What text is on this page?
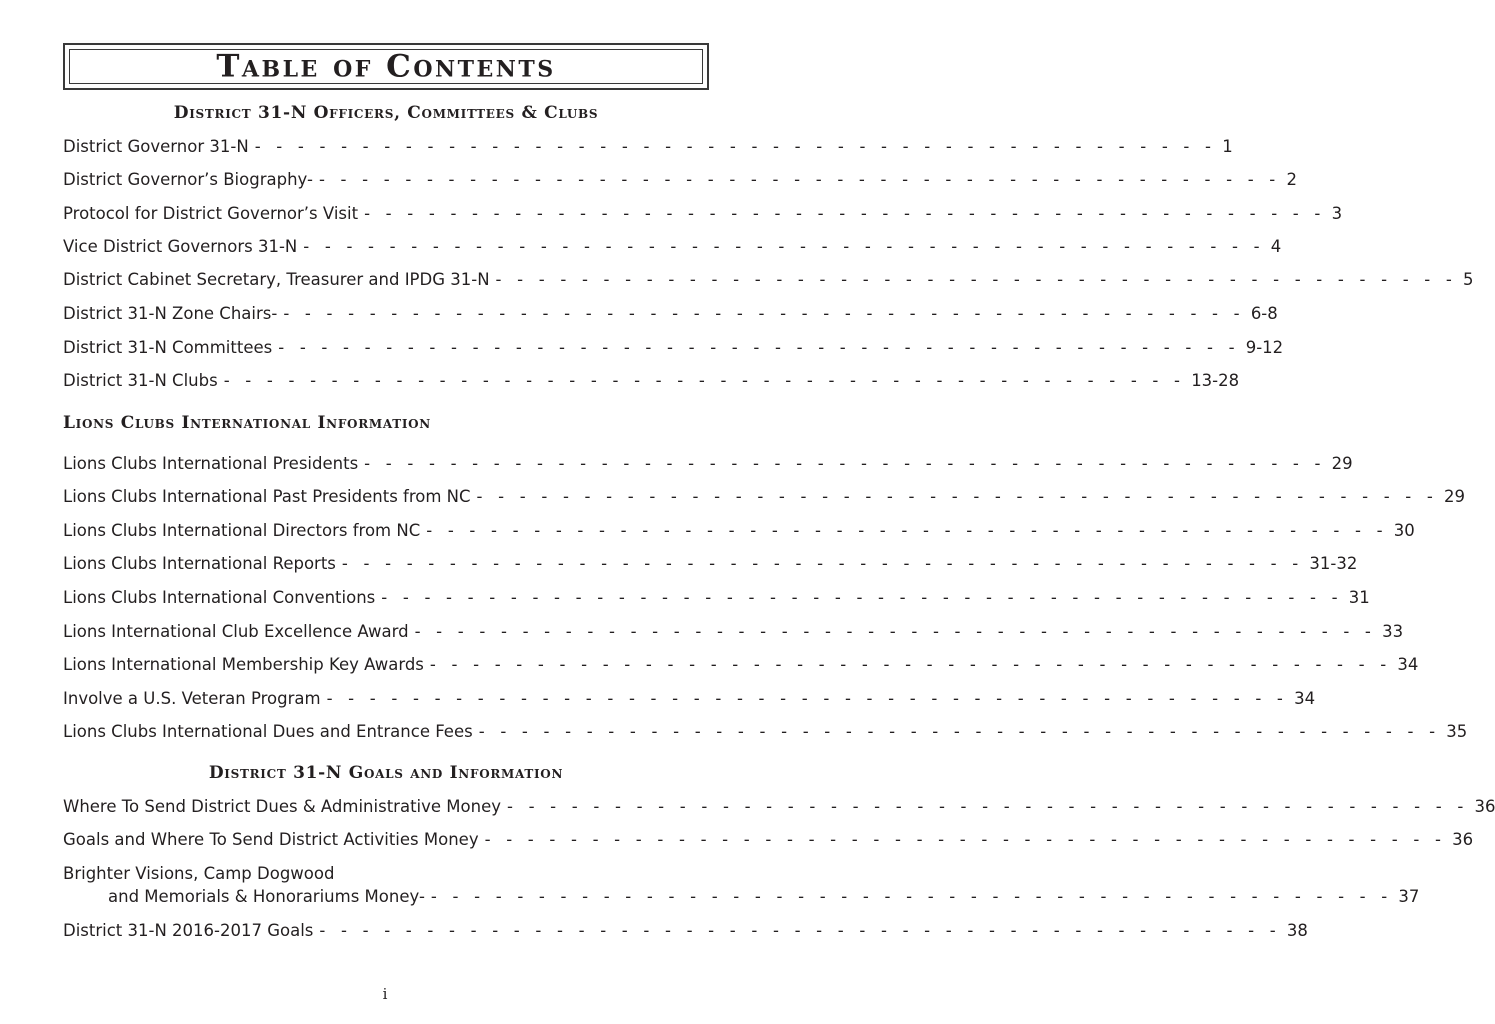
Table of Contents
District 31-N Officers, Committees & Clubs
District Governor 31-N - - - - - - - - - - - - - - - - - - - - - - - - - - - - - - - - - - - - - - - - - - - - - 1
District Governor’s Biography- - - - - - - - - - - - - - - - - - - - - - - - - - - - - - - - - - - - - - - - - - - - - - 2
Protocol for District Governor’s Visit - - - - - - - - - - - - - - - - - - - - - - - - - - - - - - - - - - - - - - - - - - - - - 3
Vice District Governors 31-N - - - - - - - - - - - - - - - - - - - - - - - - - - - - - - - - - - - - - - - - - - - - - 4
District Cabinet Secretary, Treasurer and IPDG 31-N - - - - - - - - - - - - - - - - - - - - - - - - - - - - - - - - - - - - - - - - - - - - - 5
District 31-N Zone Chairs- - - - - - - - - - - - - - - - - - - - - - - - - - - - - - - - - - - - - - - - - - - - - - 6-8
District 31-N Committees - - - - - - - - - - - - - - - - - - - - - - - - - - - - - - - - - - - - - - - - - - - - - 9-12
District 31-N Clubs - - - - - - - - - - - - - - - - - - - - - - - - - - - - - - - - - - - - - - - - - - - - - 13-28
Lions Clubs International Information
Lions Clubs International Presidents - - - - - - - - - - - - - - - - - - - - - - - - - - - - - - - - - - - - - - - - - - - - - 29
Lions Clubs International Past Presidents from NC - - - - - - - - - - - - - - - - - - - - - - - - - - - - - - - - - - - - - - - - - - - - - 29
Lions Clubs International Directors from NC - - - - - - - - - - - - - - - - - - - - - - - - - - - - - - - - - - - - - - - - - - - - - 30
Lions Clubs International Reports - - - - - - - - - - - - - - - - - - - - - - - - - - - - - - - - - - - - - - - - - - - - - 31-32
Lions Clubs International Conventions - - - - - - - - - - - - - - - - - - - - - - - - - - - - - - - - - - - - - - - - - - - - - 31
Lions International Club Excellence Award - - - - - - - - - - - - - - - - - - - - - - - - - - - - - - - - - - - - - - - - - - - - - 33
Lions International Membership Key Awards - - - - - - - - - - - - - - - - - - - - - - - - - - - - - - - - - - - - - - - - - - - - - 34
Involve a U.S. Veteran Program - - - - - - - - - - - - - - - - - - - - - - - - - - - - - - - - - - - - - - - - - - - - - 34
Lions Clubs International Dues and Entrance Fees - - - - - - - - - - - - - - - - - - - - - - - - - - - - - - - - - - - - - - - - - - - - - 35
District 31-N Goals and Information
Where To Send District Dues & Administrative Money - - - - - - - - - - - - - - - - - - - - - - - - - - - - - - - - - - - - - - - - - - - - - 36
Goals and Where To Send District Activities Money - - - - - - - - - - - - - - - - - - - - - - - - - - - - - - - - - - - - - - - - - - - - - 36
Brighter Visions, Camp Dogwood
and Memorials & Honorariums Money- - - - - - - - - - - - - - - - - - - - - - - - - - - - - - - - - - - - - - - - - - - - - - 37
District 31-N 2016-2017 Goals - - - - - - - - - - - - - - - - - - - - - - - - - - - - - - - - - - - - - - - - - - - - - 38
i
